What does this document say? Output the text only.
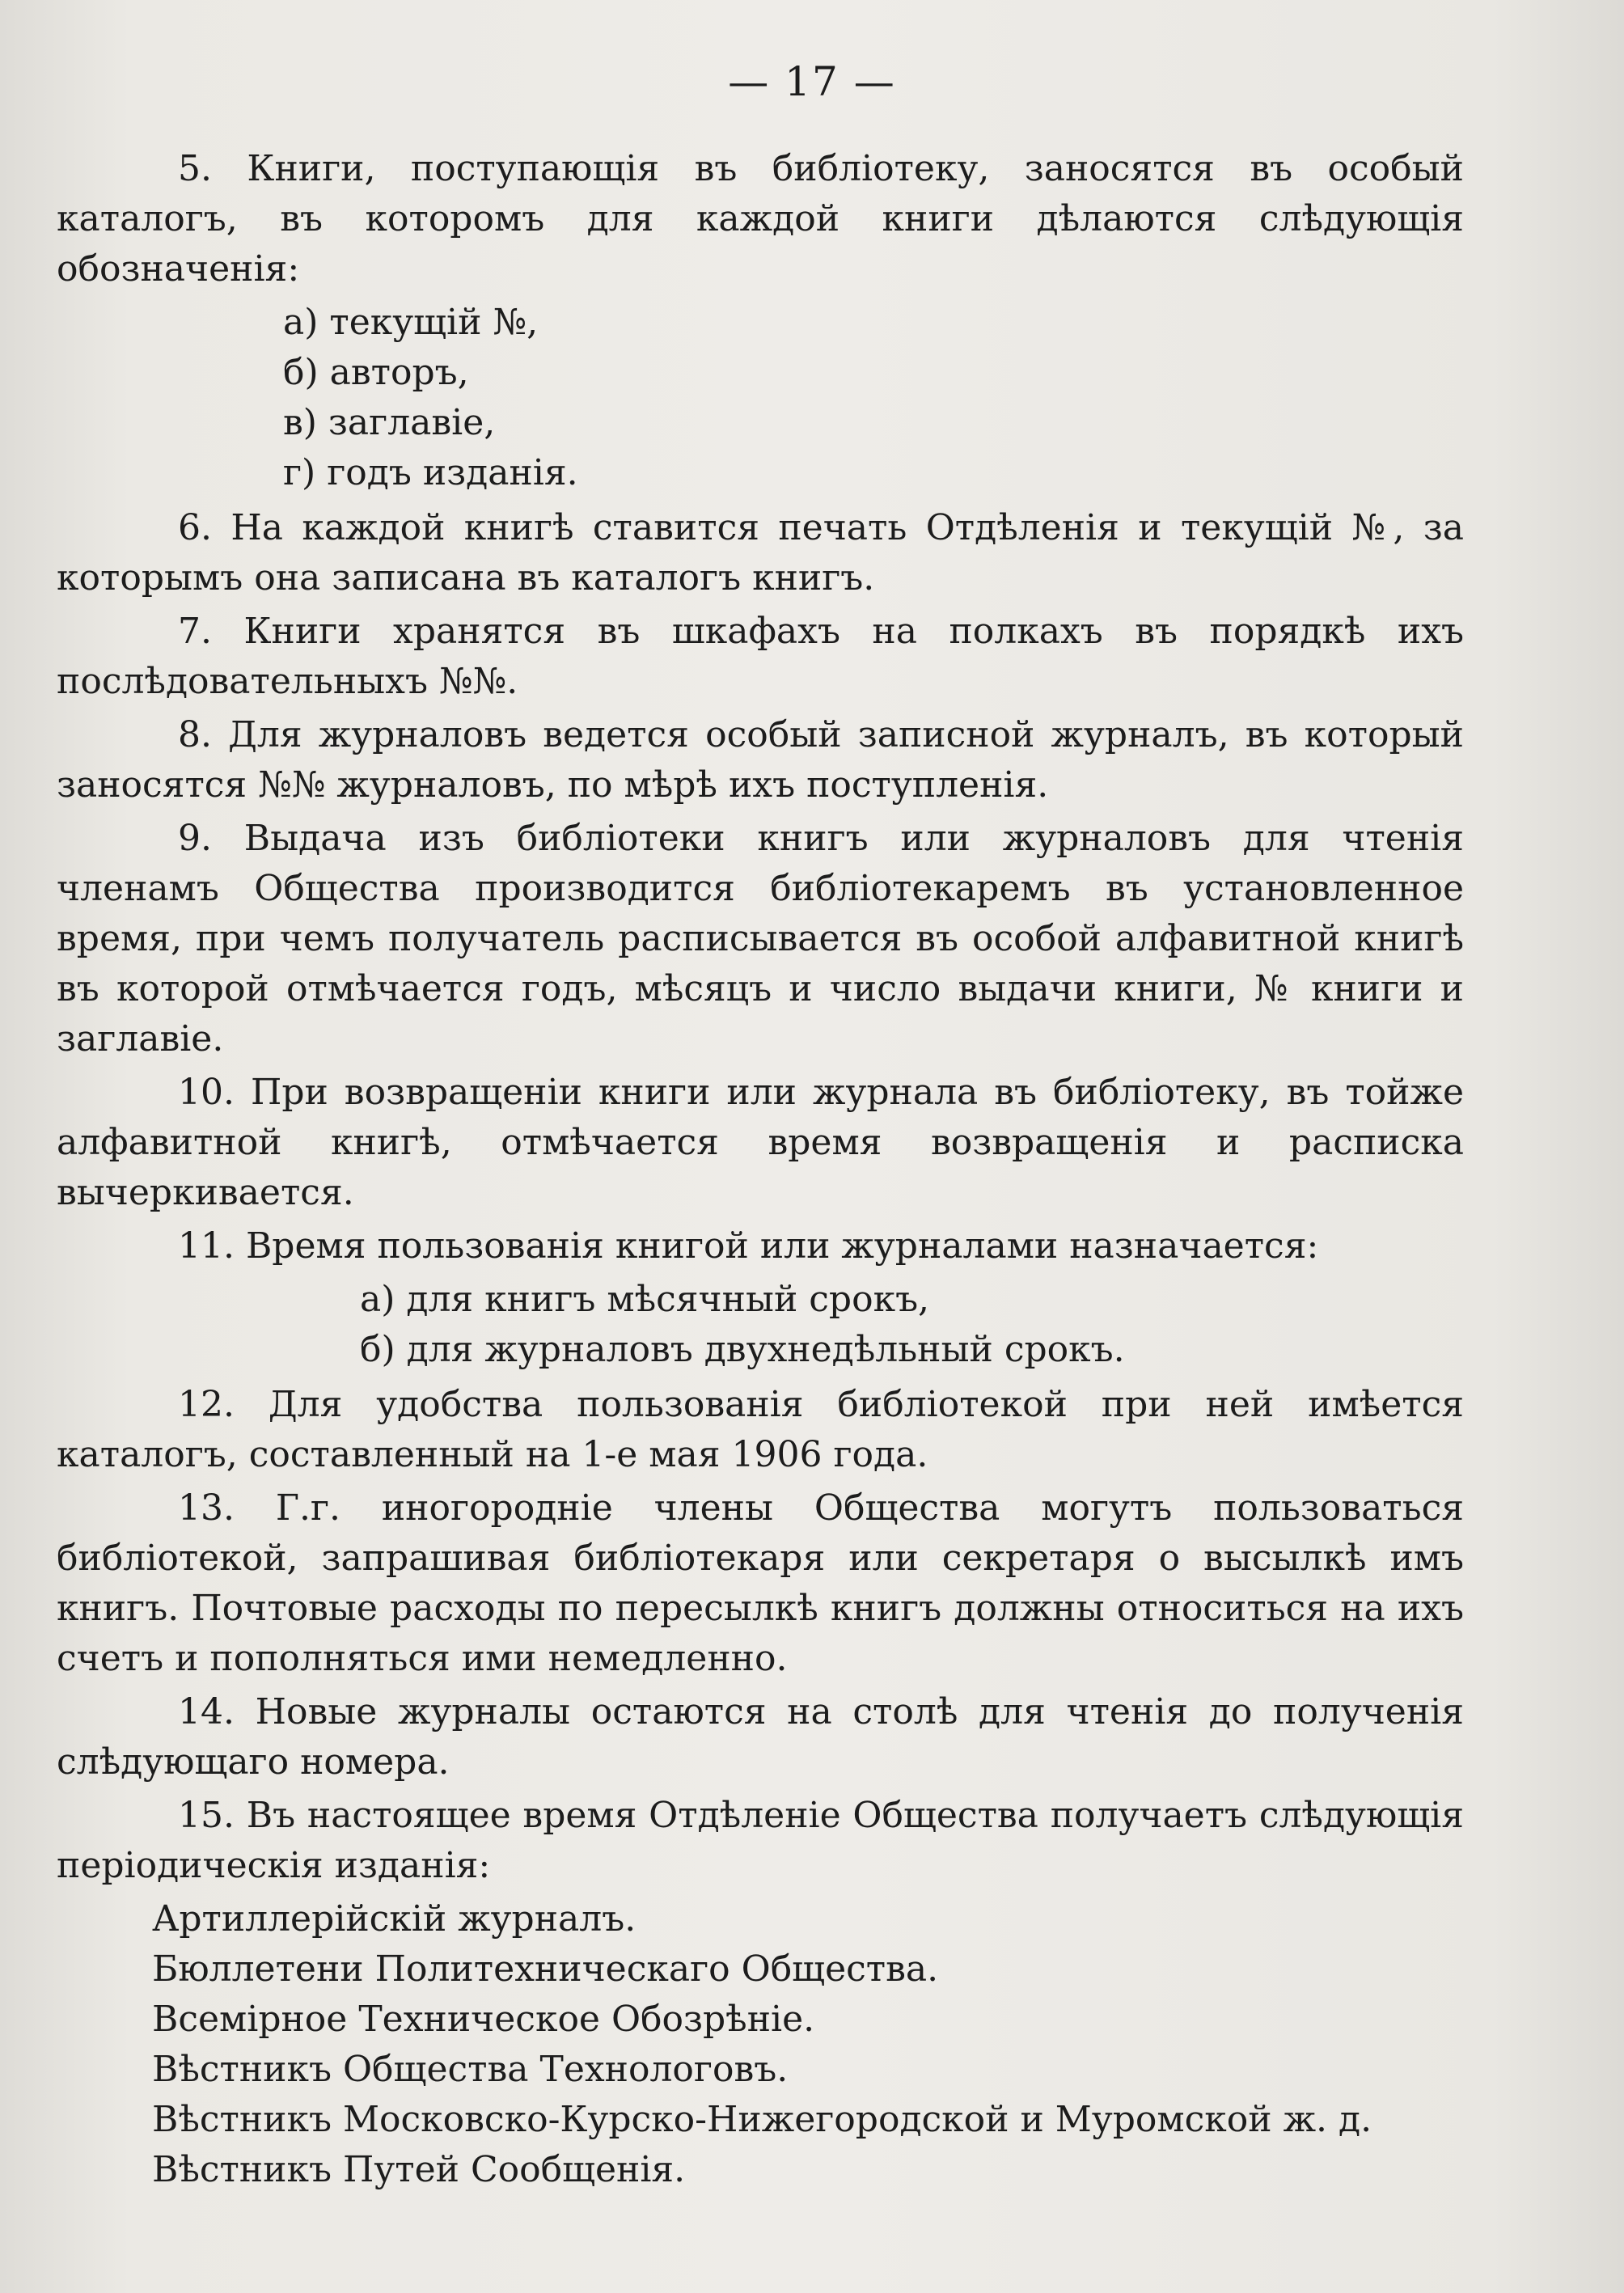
— 17 —

5. Книги, поступающія въ библіотеку, заносятся въ особый каталогъ, въ которомъ для каждой книги дѣлаются слѣдующія обозначенія:

а) текущій №,
б) авторъ,
в) заглавіе,
г) годъ изданія.

6. На каждой книгѣ ставится печать Отдѣленія и текущій №, за которымъ она записана въ каталогъ книгъ.

7. Книги хранятся въ шкафахъ на полкахъ въ порядкѣ ихъ послѣдовательныхъ №№.

8. Для журналовъ ведется особый записной журналъ, въ который заносятся №№ журналовъ, по мѣрѣ ихъ поступленія.

9. Выдача изъ библіотеки книгъ или журналовъ для чтенія членамъ Общества производится библіотекаремъ въ установленное время, при чемъ получатель расписывается въ особой алфавитной книгѣ въ которой отмѣчается годъ, мѣсяцъ и число выдачи книги, № книги и заглавіе.

10. При возвращеніи книги или журнала въ библіотеку, въ тойже алфавитной книгѣ, отмѣчается время возвращенія и расписка вычеркивается.

11. Время пользованія книгой или журналами назначается:

а) для книгъ мѣсячный срокъ,
б) для журналовъ двухнедѣльный срокъ.

12. Для удобства пользованія библіотекой при ней имѣется каталогъ, составленный на 1-е мая 1906 года.

13. Г.г. иногородніе члены Общества могутъ пользоваться библіотекой, запрашивая библіотекаря или секретаря о высылкѣ имъ книгъ. Почтовые расходы по пересылкѣ книгъ должны относиться на ихъ счетъ и пополняться ими немедленно.

14. Новые журналы остаются на столѣ для чтенія до полученія слѣдующаго номера.

15. Въ настоящее время Отдѣленіе Общества получаетъ слѣдующія періодическія изданія:

Артиллерійскій журналъ.
Бюллетени Политехническаго Общества.
Всемірное Техническое Обозрѣніе.
Вѣстникъ Общества Технологовъ.
Вѣстникъ Московско-Курско-Нижегородской и Муромской ж. д.
Вѣстникъ Путей Сообщенія.
